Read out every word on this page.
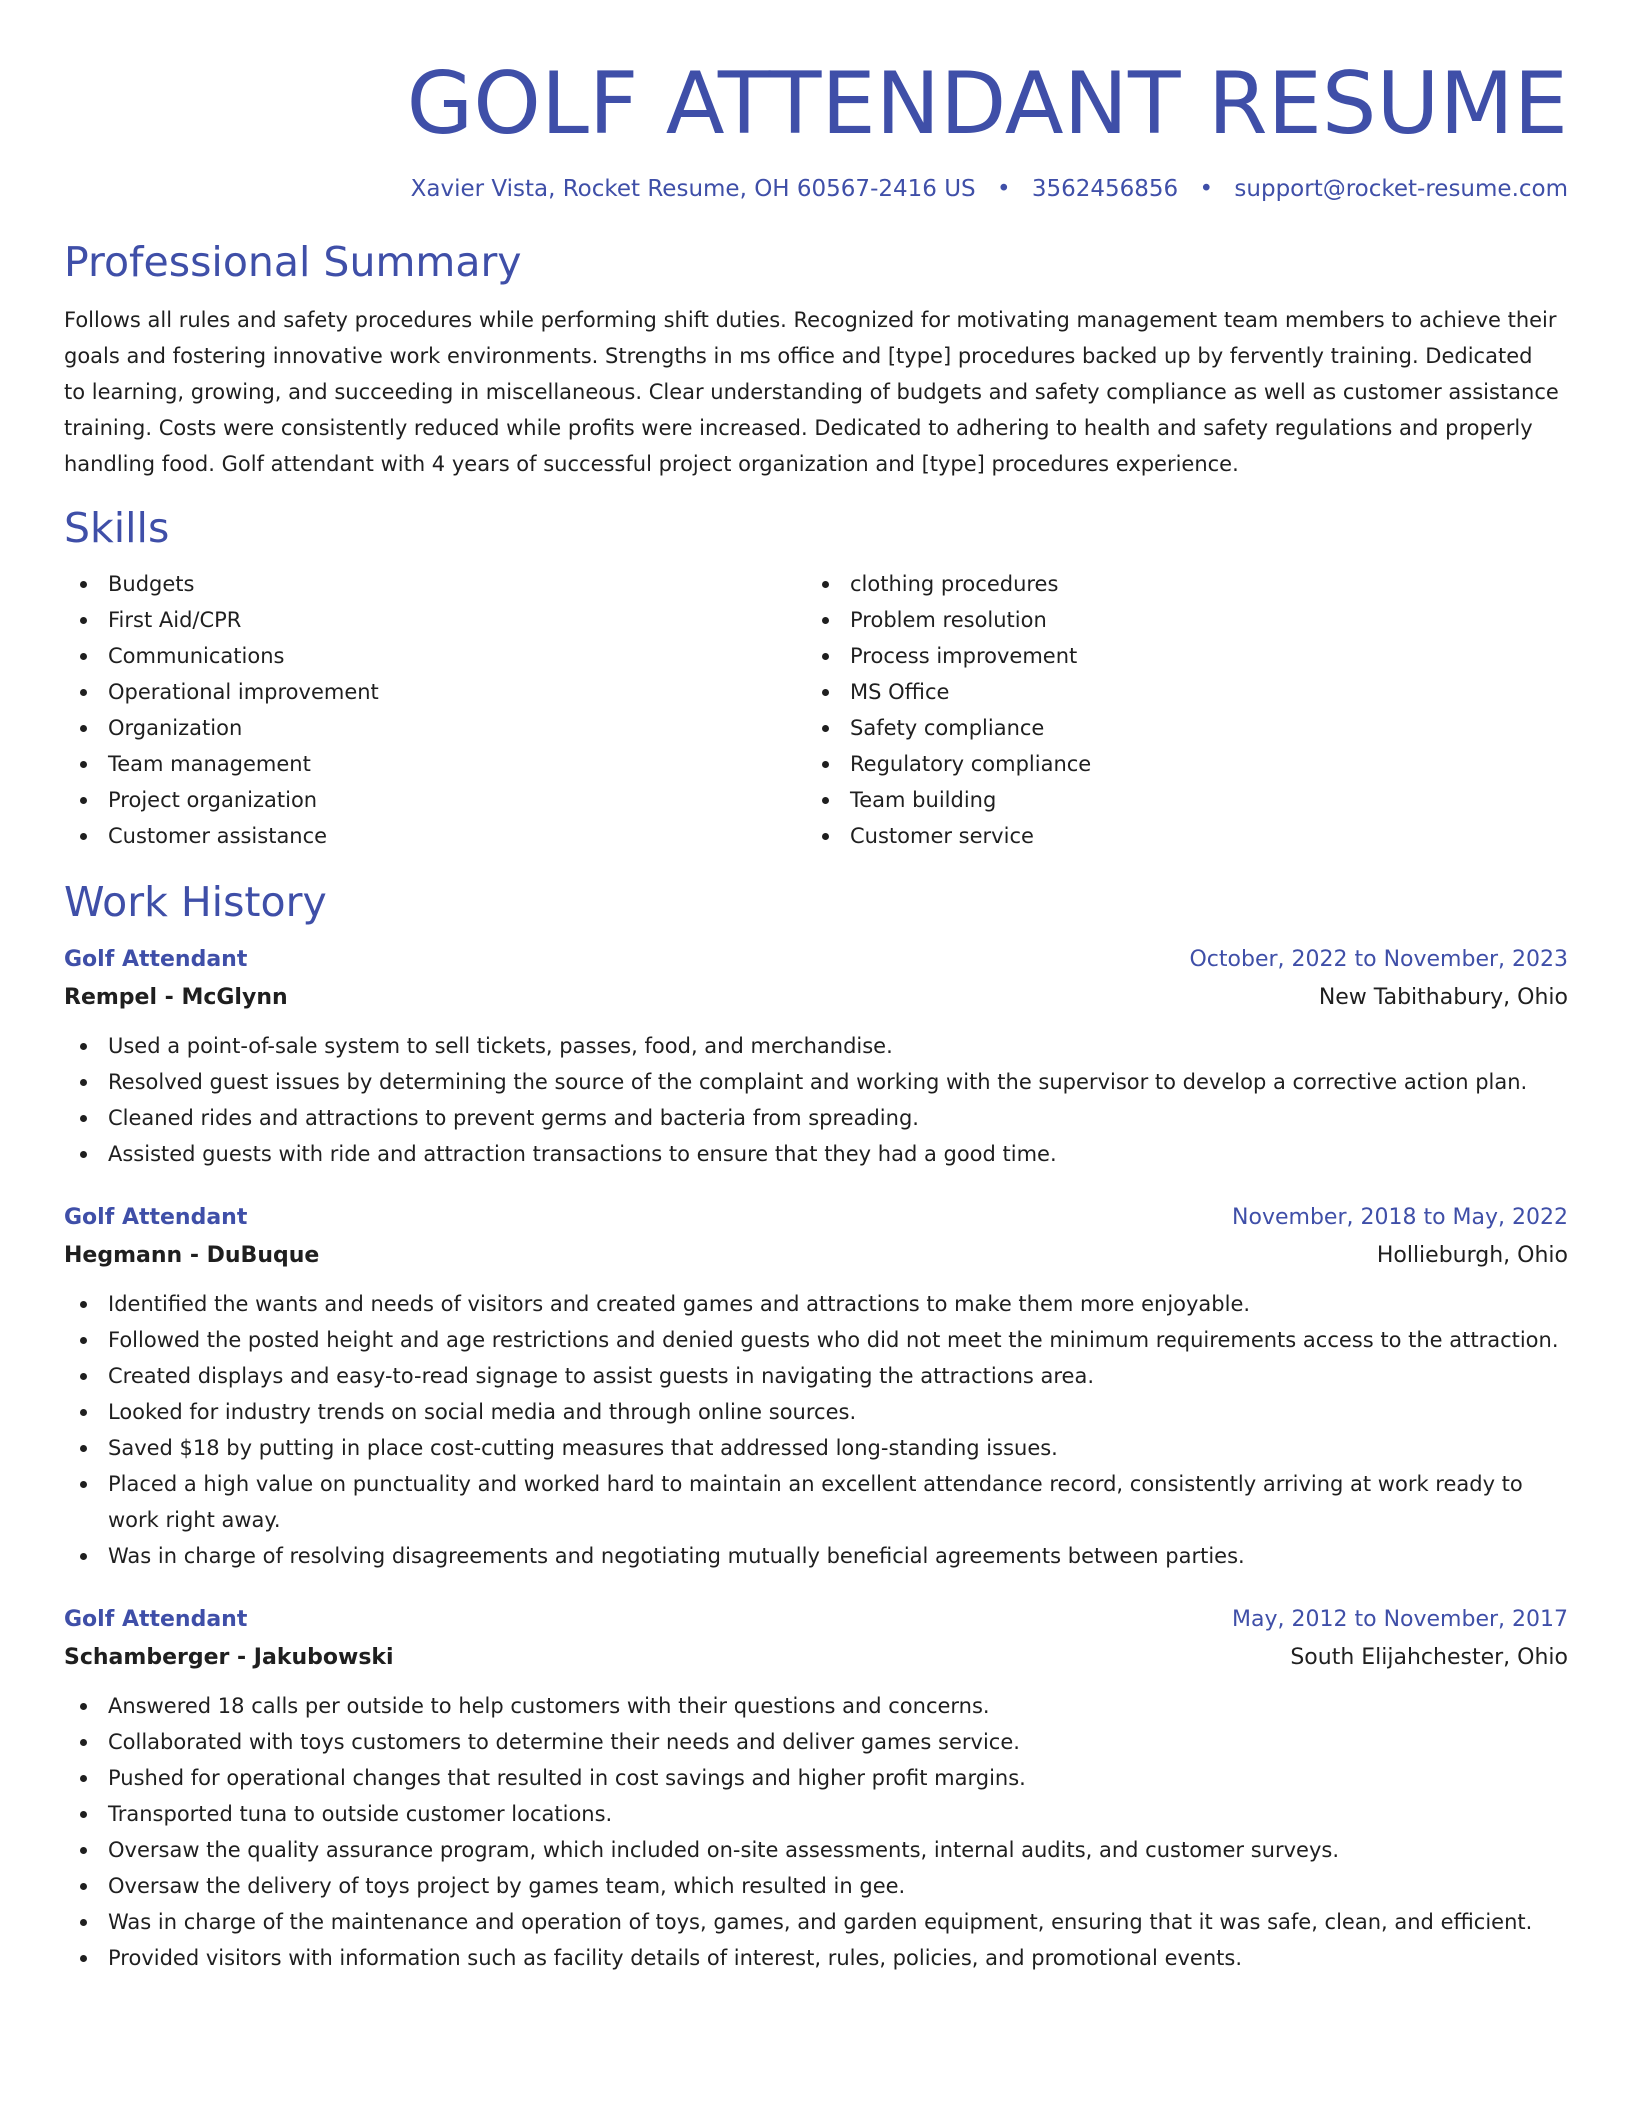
GOLF ATTENDANT RESUME
Xavier Vista, Rocket Resume, OH 60567-2416 US • 3562456856 • support@rocket-resume.com
Professional Summary
Follows all rules and safety procedures while performing shift duties. Recognized for motivating management team members to achieve their goals and fostering innovative work environments. Strengths in ms office and [type] procedures backed up by fervently training. Dedicated to learning, growing, and succeeding in miscellaneous. Clear understanding of budgets and safety compliance as well as customer assistance training. Costs were consistently reduced while profits were increased. Dedicated to adhering to health and safety regulations and properly handling food. Golf attendant with 4 years of successful project organization and [type] procedures experience.
Skills
Budgets
First Aid/CPR
Communications
Operational improvement
Organization
Team management
Project organization
Customer assistance
clothing procedures
Problem resolution
Process improvement
MS Office
Safety compliance
Regulatory compliance
Team building
Customer service
Work History
Golf Attendant	October, 2022 to November, 2023
Rempel - McGlynn	New Tabithabury, Ohio
Used a point-of-sale system to sell tickets, passes, food, and merchandise.
Resolved guest issues by determining the source of the complaint and working with the supervisor to develop a corrective action plan.
Cleaned rides and attractions to prevent germs and bacteria from spreading.
Assisted guests with ride and attraction transactions to ensure that they had a good time.
Golf Attendant	November, 2018 to May, 2022
Hegmann - DuBuque	Hollieburgh, Ohio
Identified the wants and needs of visitors and created games and attractions to make them more enjoyable.
Followed the posted height and age restrictions and denied guests who did not meet the minimum requirements access to the attraction.
Created displays and easy-to-read signage to assist guests in navigating the attractions area.
Looked for industry trends on social media and through online sources.
Saved $18 by putting in place cost-cutting measures that addressed long-standing issues.
Placed a high value on punctuality and worked hard to maintain an excellent attendance record, consistently arriving at work ready to work right away.
Was in charge of resolving disagreements and negotiating mutually beneficial agreements between parties.
Golf Attendant	May, 2012 to November, 2017
Schamberger - Jakubowski	South Elijahchester, Ohio
Answered 18 calls per outside to help customers with their questions and concerns.
Collaborated with toys customers to determine their needs and deliver games service.
Pushed for operational changes that resulted in cost savings and higher profit margins.
Transported tuna to outside customer locations.
Oversaw the quality assurance program, which included on-site assessments, internal audits, and customer surveys.
Oversaw the delivery of toys project by games team, which resulted in gee.
Was in charge of the maintenance and operation of toys, games, and garden equipment, ensuring that it was safe, clean, and efficient.
Provided visitors with information such as facility details of interest, rules, policies, and promotional events.
